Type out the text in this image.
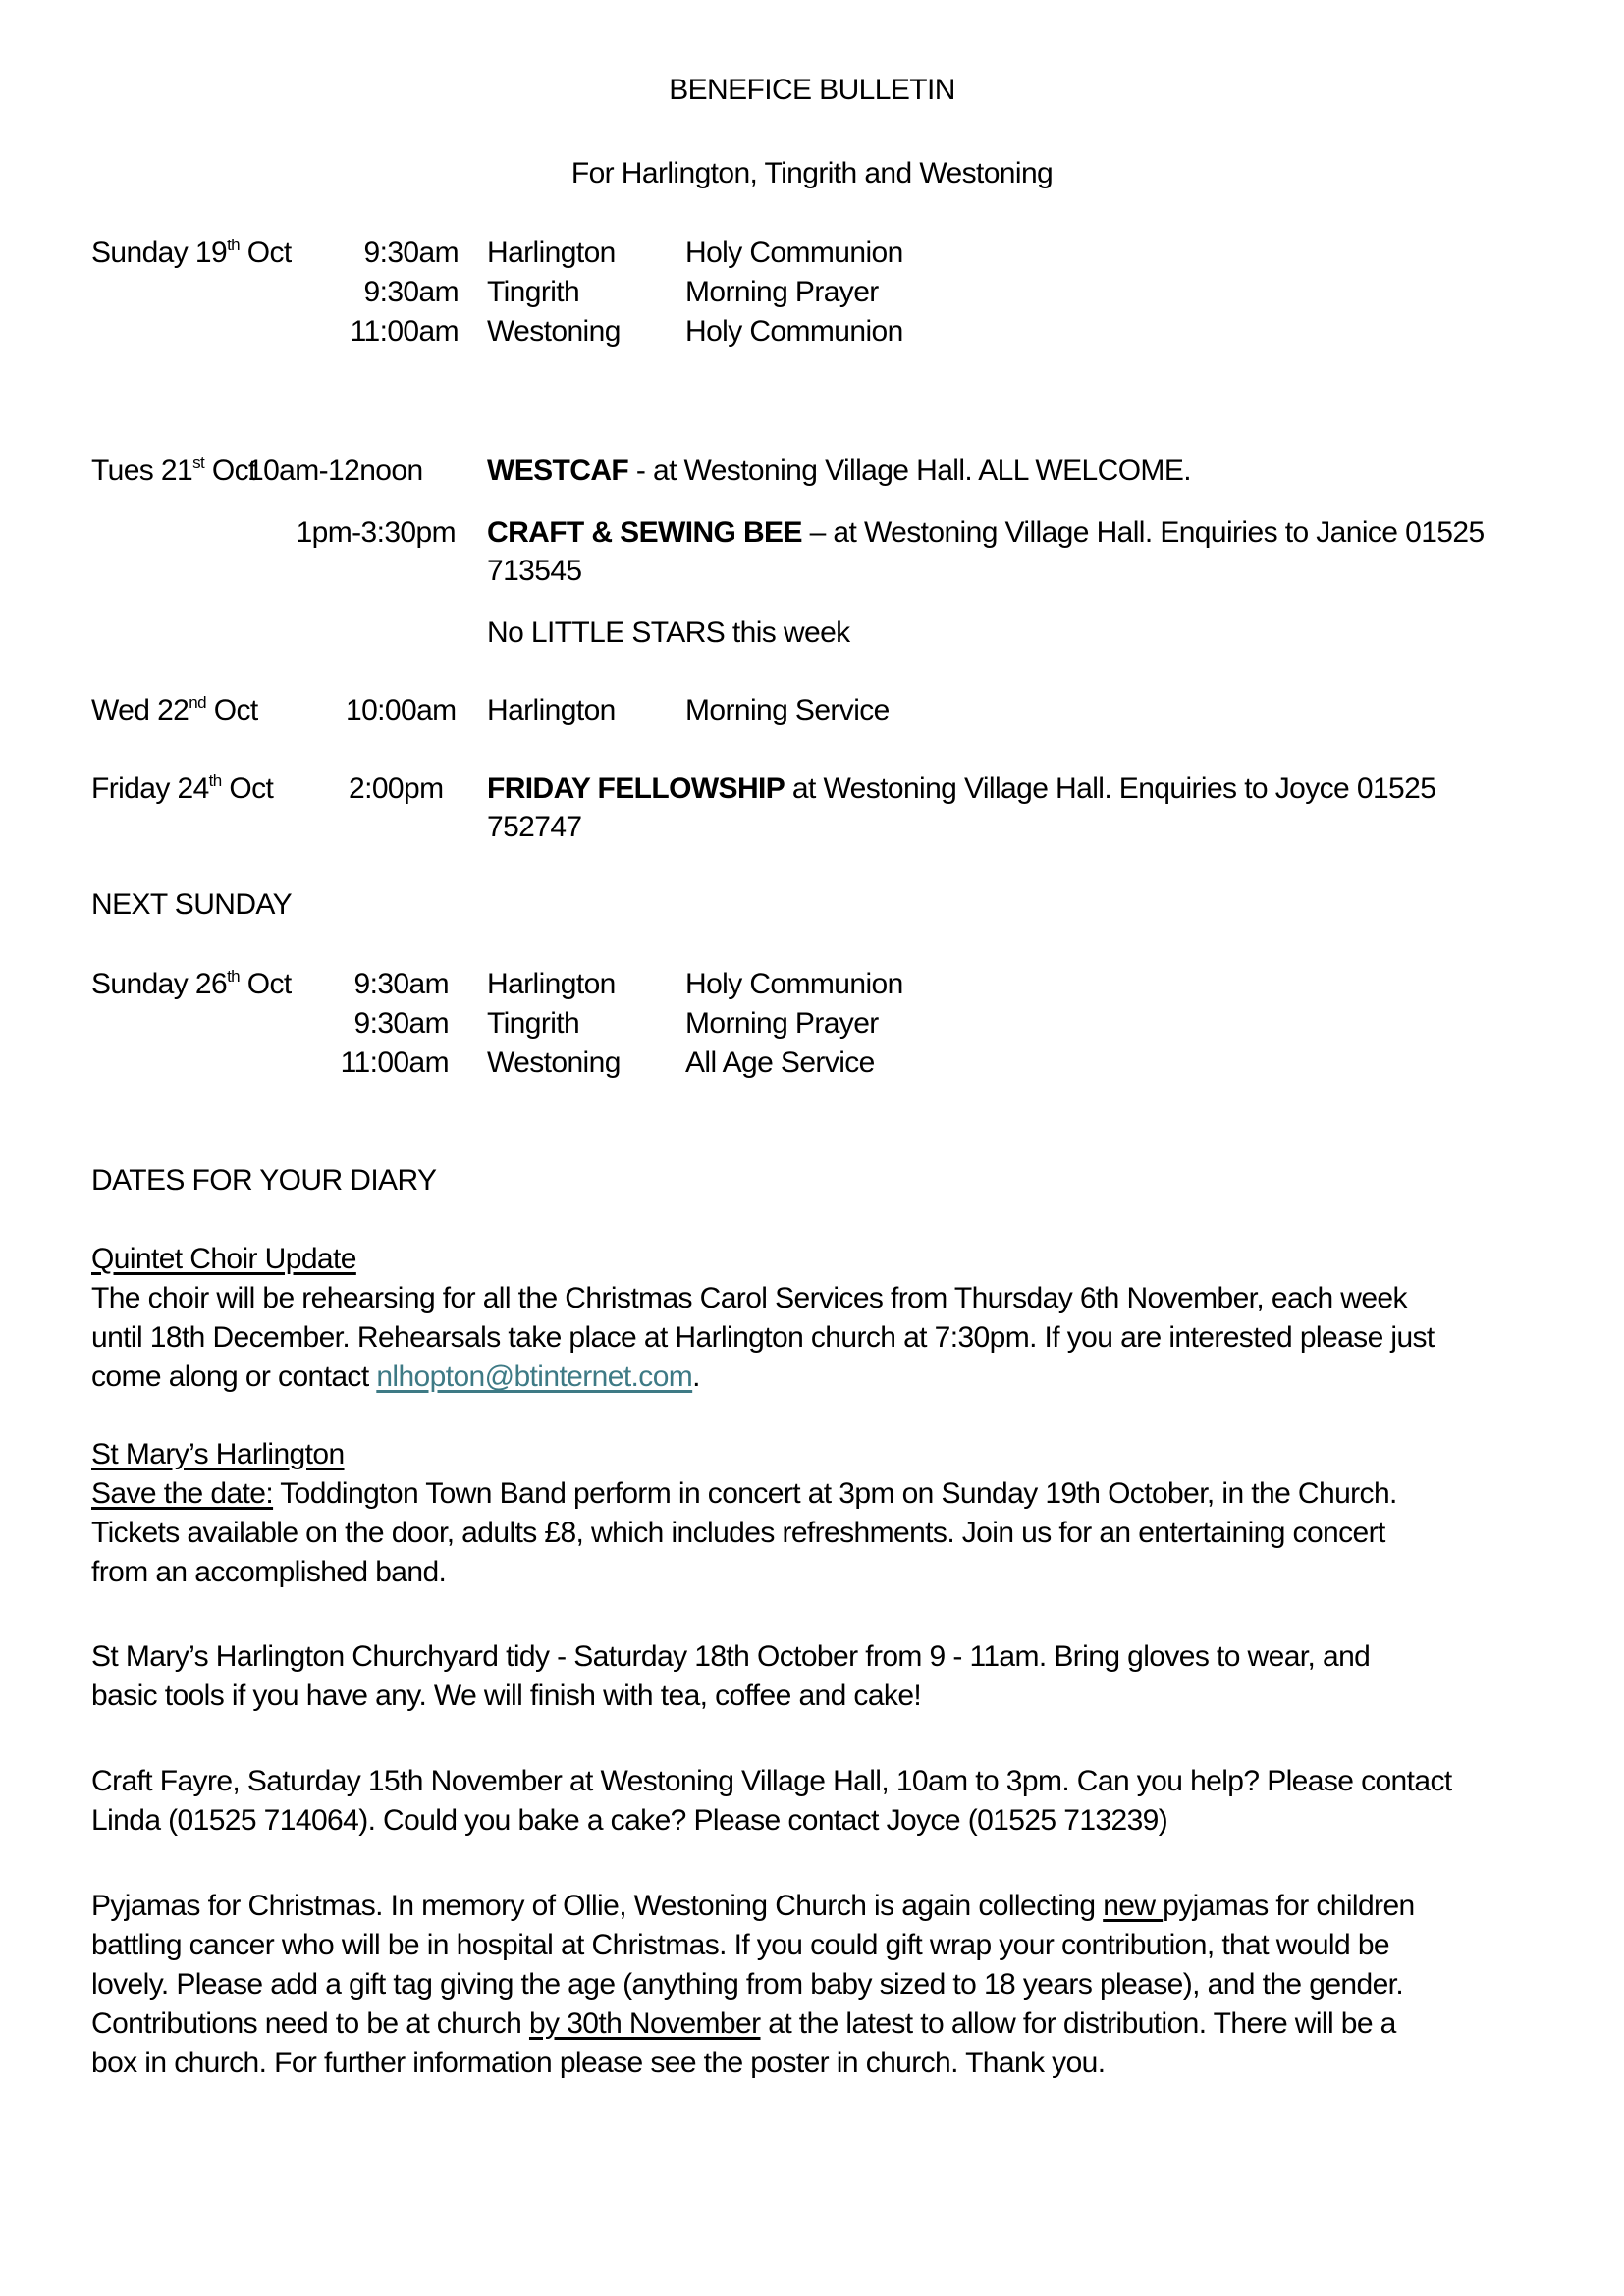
BENEFICE BULLETIN
For Harlington, Tingrith and Westoning
Sunday 19th Oct	9:30am Harlington Holy Communion
9:30am Tingrith	Morning Prayer
11:00am Westoning Holy Communion
Tues 21st Oct
10am-12noon WESTCAF - at Westoning Village Hall. ALL WELCOME.
1pm-3:30pm CRAFT & SEWING BEE – at Westoning Village Hall. Enquiries to Janice 01525
713545
No LITTLE STARS this week
Wed 22nd Oct	10:00am Harlington Morning Service
Friday 24th Oct	2:00pm FRIDAY FELLOWSHIP at Westoning Village Hall. Enquiries to Joyce 01525
752747
NEXT SUNDAY
Sunday 26th Oct	9:30am Harlington Holy Communion
9:30am Tingrith	Morning Prayer
11:00am Westoning All Age Service
DATES FOR YOUR DIARY
Quintet Choir Update
The choir will be rehearsing for all the Christmas Carol Services from Thursday 6th November, each week
until 18th December. Rehearsals take place at Harlington church at 7:30pm. If you are interested please just
come along or contact nlhopton@btinternet.com.
St Mary’s Harlington
Save the date: Toddington Town Band perform in concert at 3pm on Sunday 19th October, in the Church.
Tickets available on the door, adults £8, which includes refreshments. Join us for an entertaining concert
from an accomplished band.
St Mary’s Harlington Churchyard tidy - Saturday 18th October from 9 - 11am. Bring gloves to wear, and
basic tools if you have any. We will finish with tea, coffee and cake!
Craft Fayre, Saturday 15th November at Westoning Village Hall, 10am to 3pm. Can you help? Please contact
Linda (01525 714064). Could you bake a cake? Please contact Joyce (01525 713239)
Pyjamas for Christmas. In memory of Ollie, Westoning Church is again collecting new pyjamas for children
battling cancer who will be in hospital at Christmas. If you could gift wrap your contribution, that would be
lovely. Please add a gift tag giving the age (anything from baby sized to 18 years please), and the gender.
Contributions need to be at church by 30th November at the latest to allow for distribution. There will be a
box in church. For further information please see the poster in church. Thank you.
